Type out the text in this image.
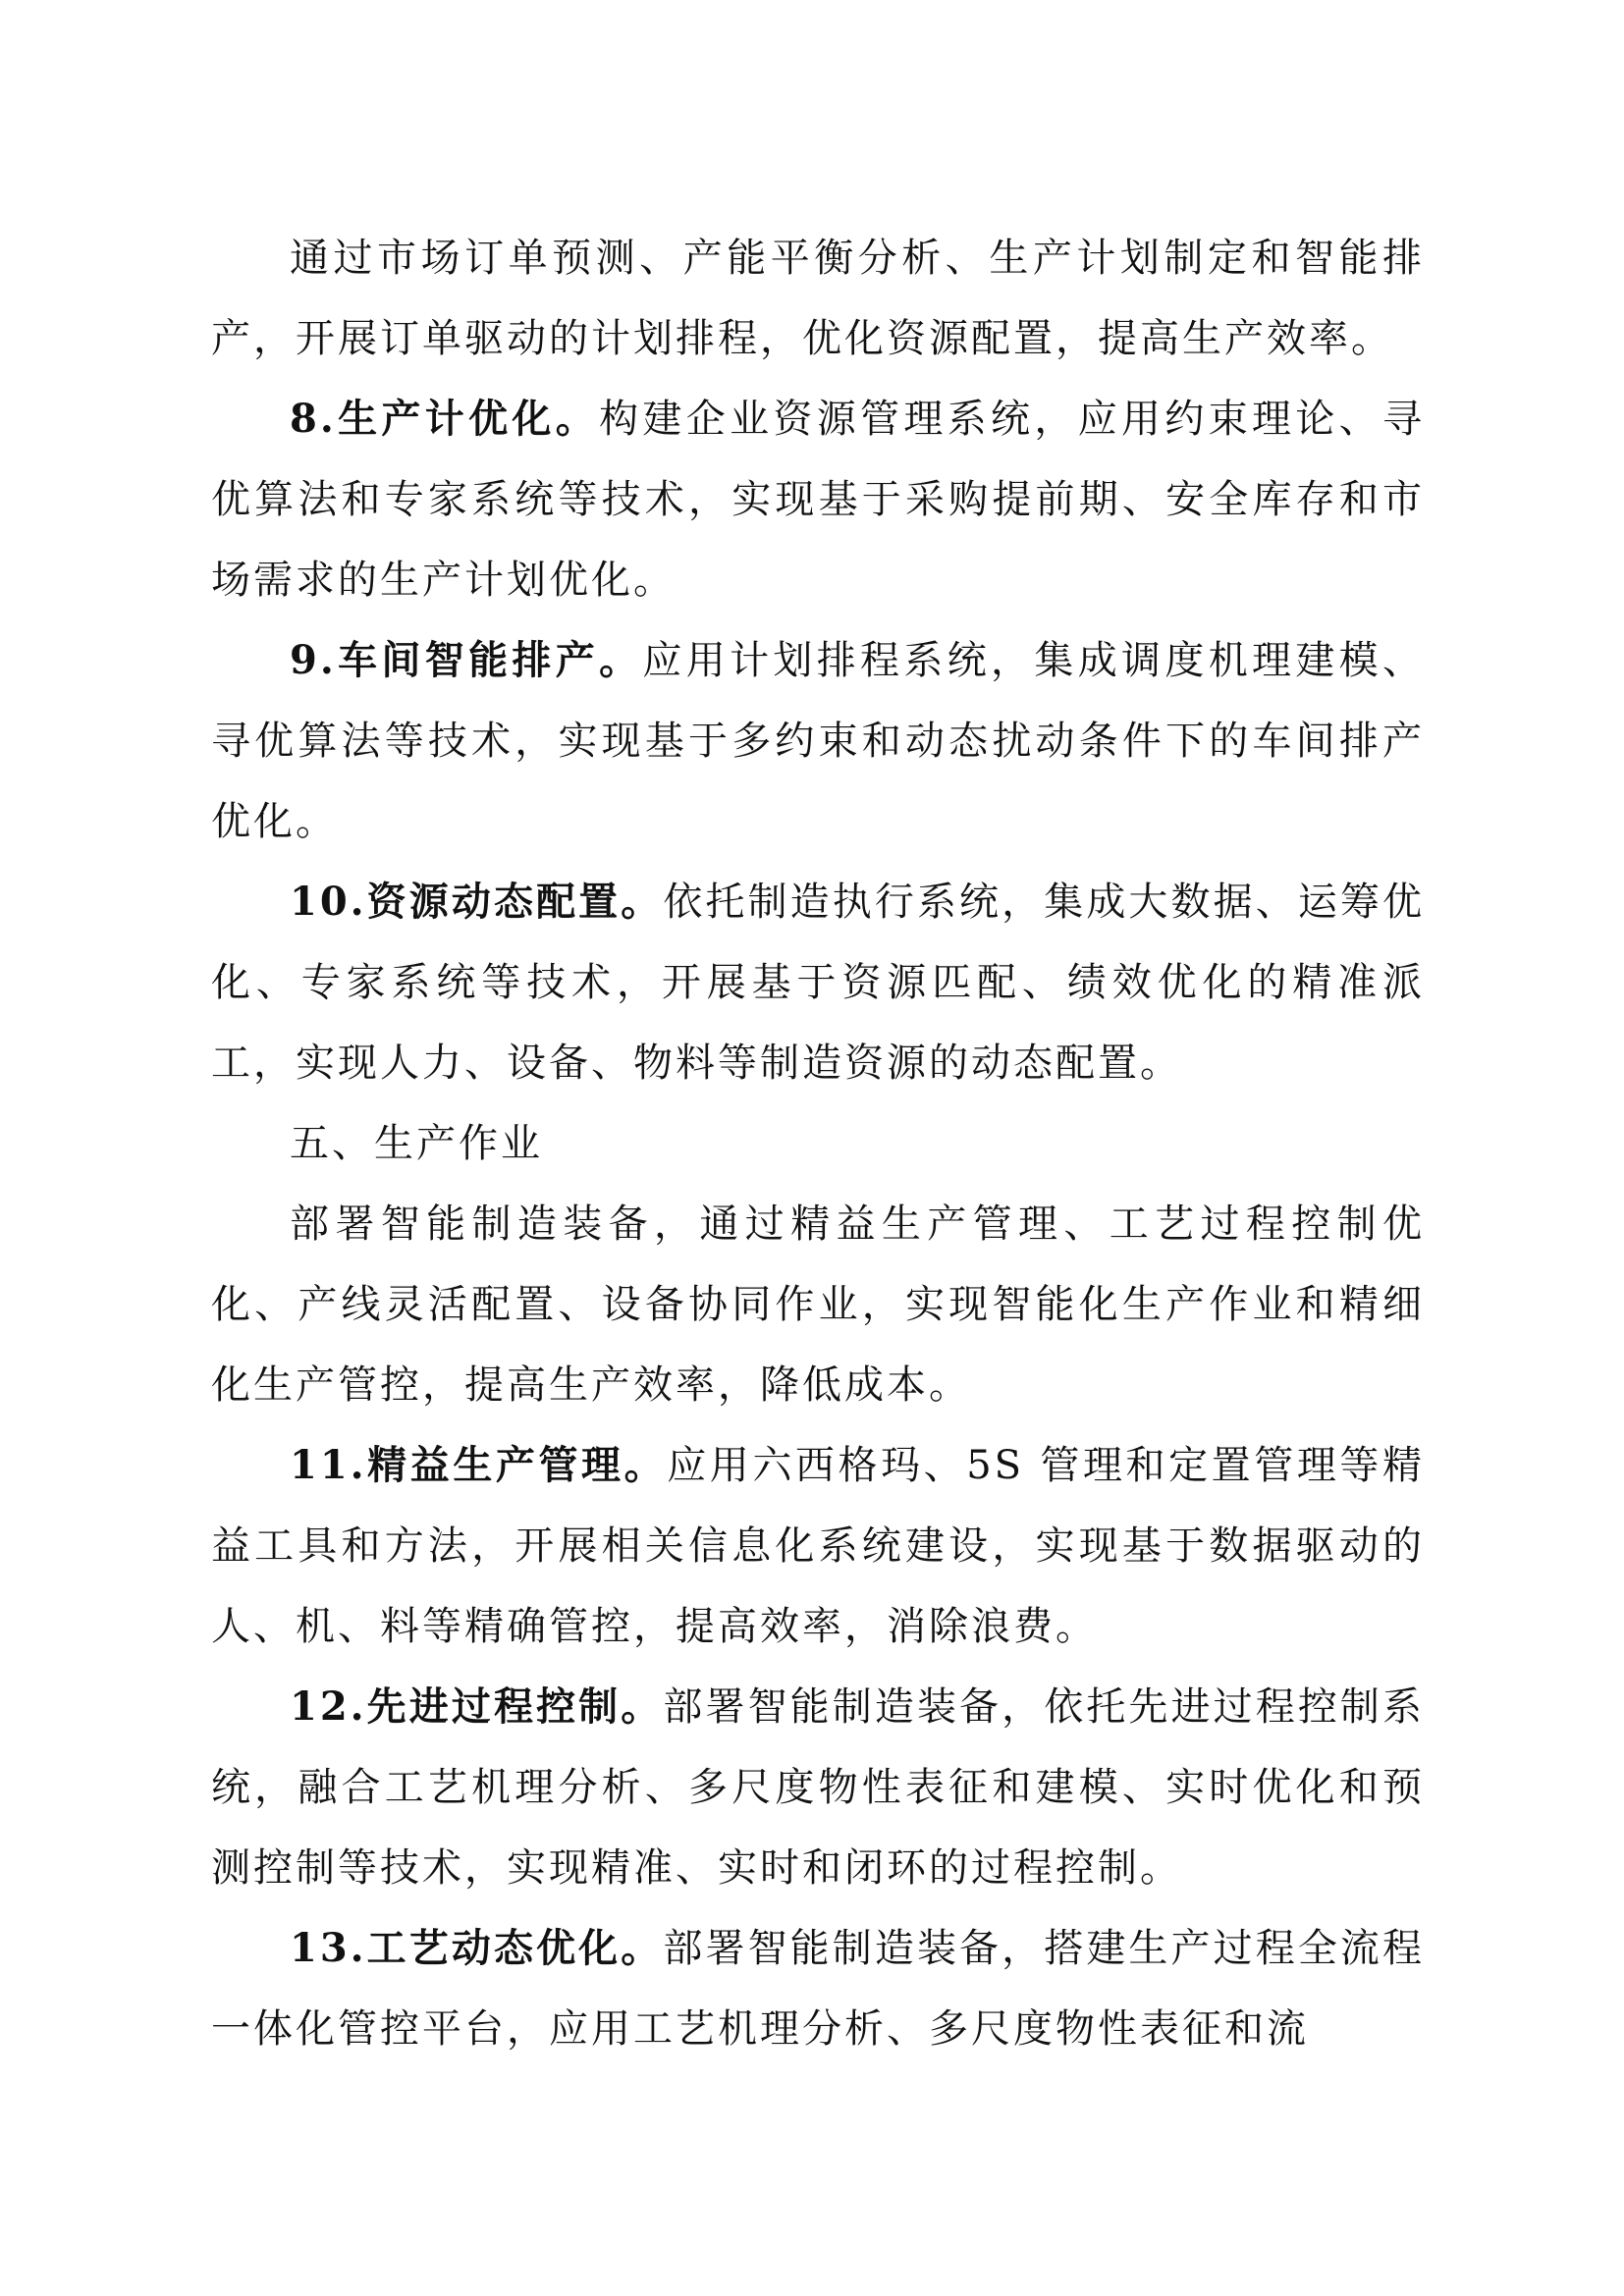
通过市场订单预测、产能平衡分析、生产计划制定和智能排产，开展订单驱动的计划排程，优化资源配置，提高生产效率。

8.生产计优化。构建企业资源管理系统，应用约束理论、寻优算法和专家系统等技术，实现基于采购提前期、安全库存和市场需求的生产计划优化。

9.车间智能排产。应用计划排程系统，集成调度机理建模、寻优算法等技术，实现基于多约束和动态扰动条件下的车间排产优化。

10.资源动态配置。依托制造执行系统，集成大数据、运筹优化、专家系统等技术，开展基于资源匹配、绩效优化的精准派工，实现人力、设备、物料等制造资源的动态配置。

五、生产作业

部署智能制造装备，通过精益生产管理、工艺过程控制优化、产线灵活配置、设备协同作业，实现智能化生产作业和精细化生产管控，提高生产效率，降低成本。

11.精益生产管理。应用六西格玛、5S 管理和定置管理等精益工具和方法，开展相关信息化系统建设，实现基于数据驱动的人、机、料等精确管控，提高效率，消除浪费。

12.先进过程控制。部署智能制造装备，依托先进过程控制系统，融合工艺机理分析、多尺度物性表征和建模、实时优化和预测控制等技术，实现精准、实时和闭环的过程控制。

13.工艺动态优化。部署智能制造装备，搭建生产过程全流程一体化管控平台，应用工艺机理分析、多尺度物性表征和流
